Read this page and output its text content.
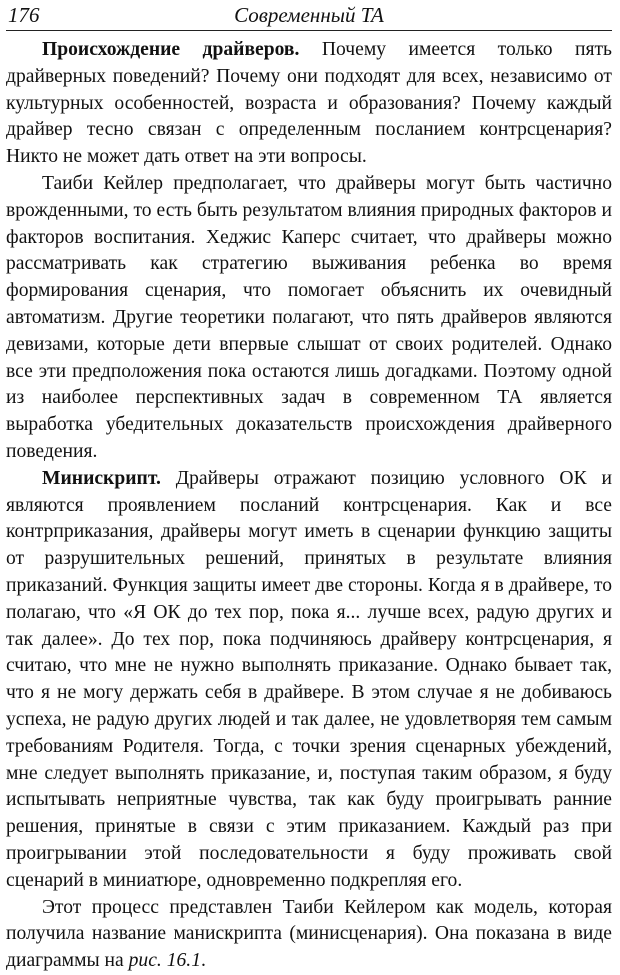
176	Современный ТА

Происхождение драйверов. Почему имеется только пять драйверных поведений? Почему они подходят для всех, независимо от культурных особенностей, возраста и образования? Почему каждый драйвер тесно связан с определенным посланием контрсценария? Никто не может дать ответ на эти вопросы.

Таиби Кейлер предполагает, что драйверы могут быть частично врожденными, то есть быть результатом влияния природных факторов и факторов воспитания. Хеджис Каперс считает, что драйверы можно рассматривать как стратегию выживания ребенка во время формирования сценария, что помогает объяснить их очевидный автоматизм. Другие теоретики полагают, что пять драйверов являются девизами, которые дети впервые слышат от своих родителей. Однако все эти предположения пока остаются лишь догадками. Поэтому одной из наиболее перспективных задач в современном ТА является выработка убедительных доказательств происхождения драйверного поведения.

Минискрипт. Драйверы отражают позицию условного ОК и являются проявлением посланий контрсценария. Как и все контрприказания, драйверы могут иметь в сценарии функцию защиты от разрушительных решений, принятых в результате влияния приказаний. Функция защиты имеет две стороны. Когда я в драйвере, то полагаю, что «Я ОК до тех пор, пока я... лучше всех, радую других и так далее». До тех пор, пока подчиняюсь драйверу контрсценария, я считаю, что мне не нужно выполнять приказание. Однако бывает так, что я не могу держать себя в драйвере. В этом случае я не добиваюсь успеха, не радую других людей и так далее, не удовлетворяя тем самым требованиям Родителя. Тогда, с точки зрения сценарных убеждений, мне следует выполнять приказание, и, поступая таким образом, я буду испытывать неприятные чувства, так как буду проигрывать ранние решения, принятые в связи с этим приказанием. Каждый раз при проигрывании этой последовательности я буду проживать свой сценарий в миниатюре, одновременно подкрепляя его.

Этот процесс представлен Таиби Кейлером как модель, которая получила название манискрипта (минисценария). Она показана в виде диаграммы на рис. 16.1.
